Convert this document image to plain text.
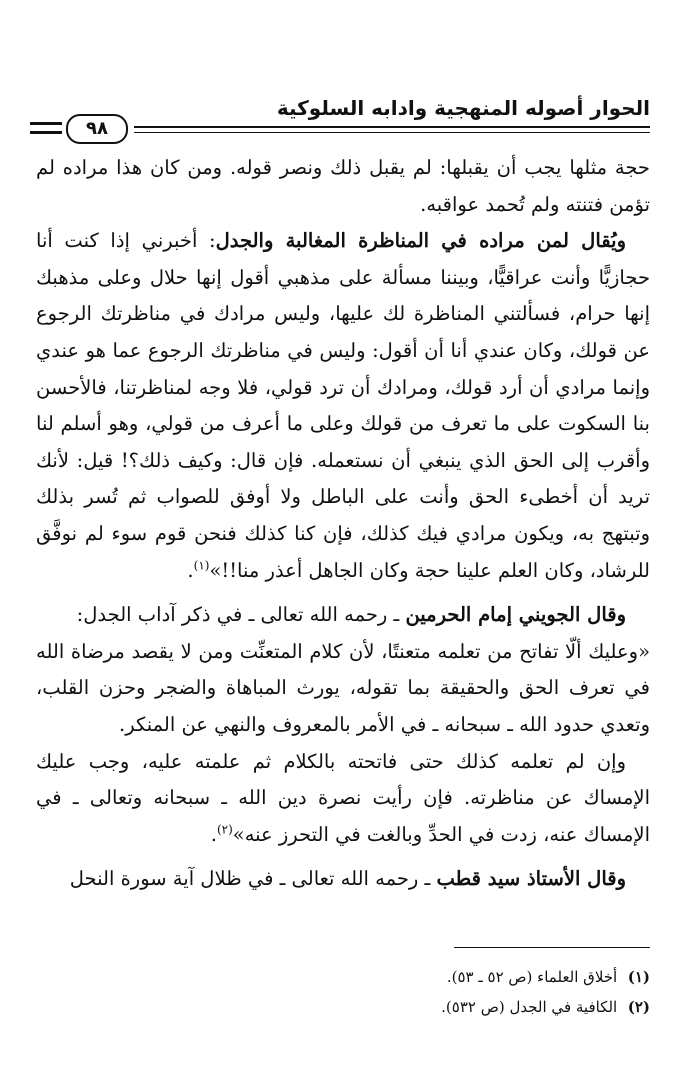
الحوار أصوله المنهجية وادابه السلوكية
٩٨

حجة مثلها يجب أن يقبلها: لم يقبل ذلك ونصر قوله. ومن كان هذا مراده لم تؤمن فتنته ولم تُحمد عواقبه.

ويُقال لمن مراده في المناظرة المغالبة والجدل: أخبرني إذا كنت أنا حجازيًّا وأنت عراقيًّا، وبيننا مسألة على مذهبي أقول إنها حلال وعلى مذهبك إنها حرام، فسألتني المناظرة لك عليها، وليس مرادك في مناظرتك الرجوع عن قولك، وكان عندي أنا أن أقول: وليس في مناظرتك الرجوع عما هو عندي وإنما مرادي أن أرد قولك، ومرادك أن ترد قولي، فلا وجه لمناظرتنا، فالأحسن بنا السكوت على ما تعرف من قولك وعلى ما أعرف من قولي، وهو أسلم لنا وأقرب إلى الحق الذي ينبغي أن نستعمله. فإن قال: وكيف ذلك؟! قيل: لأنك تريد أن أخطىء الحق وأنت على الباطل ولا أوفق للصواب ثم تُسر بذلك وتبتهج به، ويكون مرادي فيك كذلك، فإن كنا كذلك فنحن قوم سوء لم نوفَّق للرشاد، وكان العلم علينا حجة وكان الجاهل أعذر منا!!»$^{(١)}$.

وقال الجويني إمام الحرمين ـ رحمه الله تعالى ـ في ذكر آداب الجدل:

«وعليك ألّا تفاتح من تعلمه متعنتًا، لأن كلام المتعنِّت ومن لا يقصد مرضاة الله في تعرف الحق والحقيقة بما تقوله، يورث المباهاة والضجر وحزن القلب، وتعدي حدود الله ـ سبحانه ـ في الأمر بالمعروف والنهي عن المنكر.

وإن لم تعلمه كذلك حتى فاتحته بالكلام ثم علمته عليه، وجب عليك الإمساك عن مناظرته. فإن رأيت نصرة دين الله ـ سبحانه وتعالى ـ في الإمساك عنه، زدت في الحدِّ وبالغت في التحرز عنه»$^{(٢)}$.

وقال الأستاذ سيد قطب ـ رحمه الله تعالى ـ في ظلال آية سورة النحل

(١) أخلاق العلماء (ص ٥٢ ـ ٥٣).

(٢) الكافية في الجدل (ص ٥٣٢).
